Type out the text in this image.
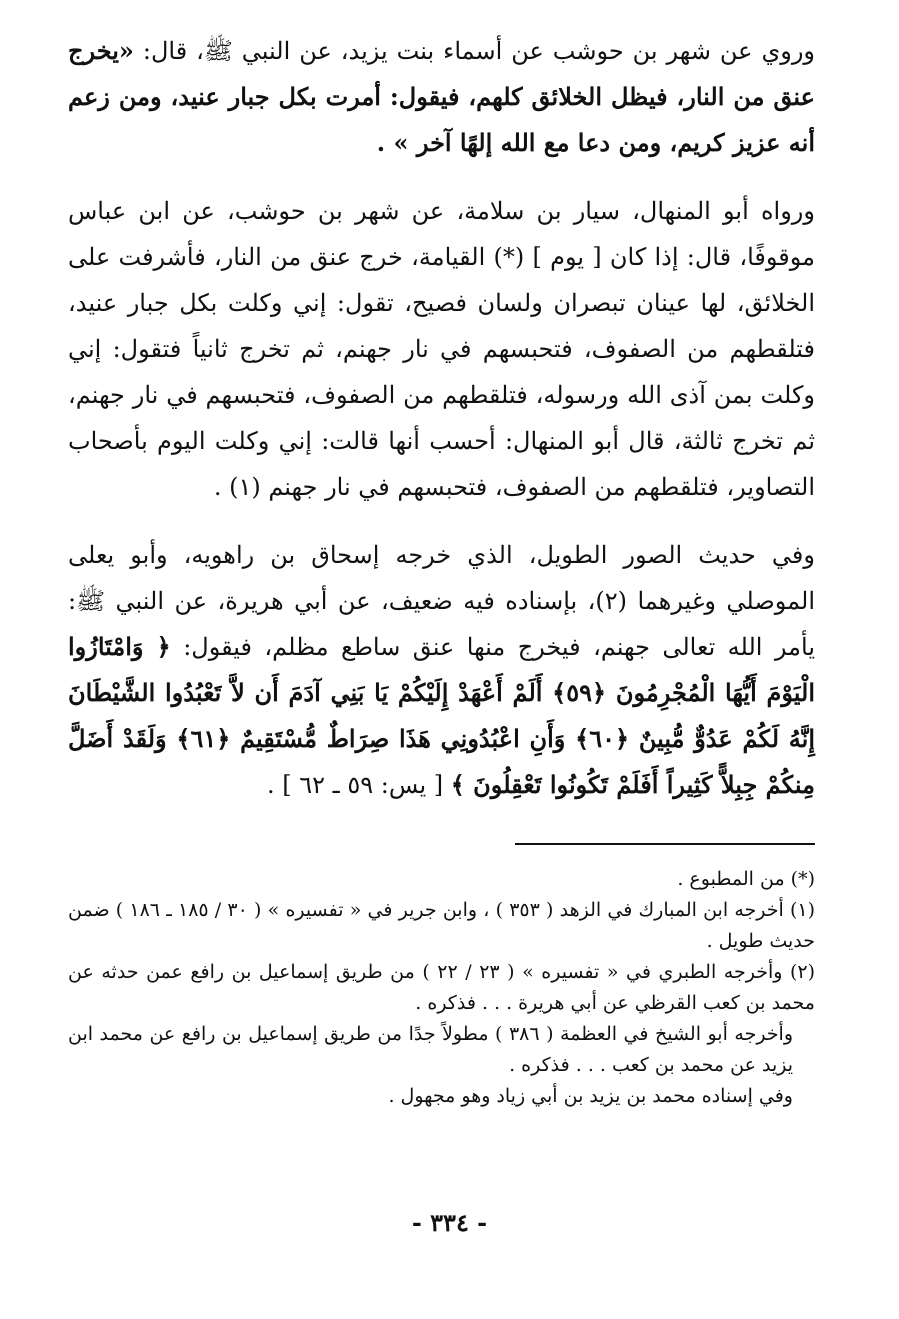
وروي عن شهر بن حوشب عن أسماء بنت يزيد، عن النبي ﷺ، قال: «يخرج عنق من النار، فيظل الخلائق كلهم، فيقول: أمرت بكل جبار عنيد، ومن زعم أنه عزيز كريم، ومن دعا مع الله إلهًا آخر » .

ورواه أبو المنهال، سيار بن سلامة، عن شهر بن حوشب، عن ابن عباس موقوفًا، قال: إذا كان [ يوم ] (*) القيامة، خرج عنق من النار، فأشرفت على الخلائق، لها عينان تبصران ولسان فصيح، تقول: إني وكلت بكل جبار عنيد، فتلقطهم من الصفوف، فتحبسهم في نار جهنم، ثم تخرج ثانياً فتقول: إني وكلت بمن آذى الله ورسوله، فتلقطهم من الصفوف، فتحبسهم في نار جهنم، ثم تخرج ثالثة، قال أبو المنهال: أحسب أنها قالت: إني وكلت اليوم بأصحاب التصاوير، فتلقطهم من الصفوف، فتحبسهم في نار جهنم (١) .

وفي حديث الصور الطويل، الذي خرجه إسحاق بن راهويه، وأبو يعلى الموصلي وغيرهما (٢)، بإسناده فيه ضعيف، عن أبي هريرة، عن النبي ﷺ: يأمر الله تعالى جهنم، فيخرج منها عنق ساطع مظلم، فيقول: ﴿ وَامْتَازُوا الْيَوْمَ أَيُّهَا الْمُجْرِمُونَ ﴿٥٩﴾ أَلَمْ أَعْهَدْ إِلَيْكُمْ يَا بَنِي آدَمَ أَن لاَّ تَعْبُدُوا الشَّيْطَانَ إِنَّهُ لَكُمْ عَدُوٌّ مُّبِينٌ ﴿٦٠﴾ وَأَنِ اعْبُدُونِي هَذَا صِرَاطٌ مُّسْتَقِيمٌ ﴿٦١﴾ وَلَقَدْ أَضَلَّ مِنكُمْ جِبِلاًّ كَثِيراً أَفَلَمْ تَكُونُوا تَعْقِلُونَ ﴾ [ يس: ٥٩ ـ ٦٢ ] .

(*) من المطبوع .

(١) أخرجه ابن المبارك في الزهد ( ٣٥٣ ) ، وابن جرير في « تفسيره » ( ٣٠ / ١٨٥ ـ ١٨٦ ) ضمن حديث طويل .

(٢) وأخرجه الطبري في « تفسيره » ( ٢٣ / ٢٢ ) من طريق إسماعيل بن رافع عمن حدثه عن محمد بن كعب القرظي عن أبي هريرة . . . فذكره .

وأخرجه أبو الشيخ في العظمة ( ٣٨٦ ) مطولاً جدًا من طريق إسماعيل بن رافع عن محمد ابن يزيد عن محمد بن كعب . . . فذكره .

وفي إسناده محمد بن يزيد بن أبي زياد وهو مجهول .

- ٣٣٤ -
